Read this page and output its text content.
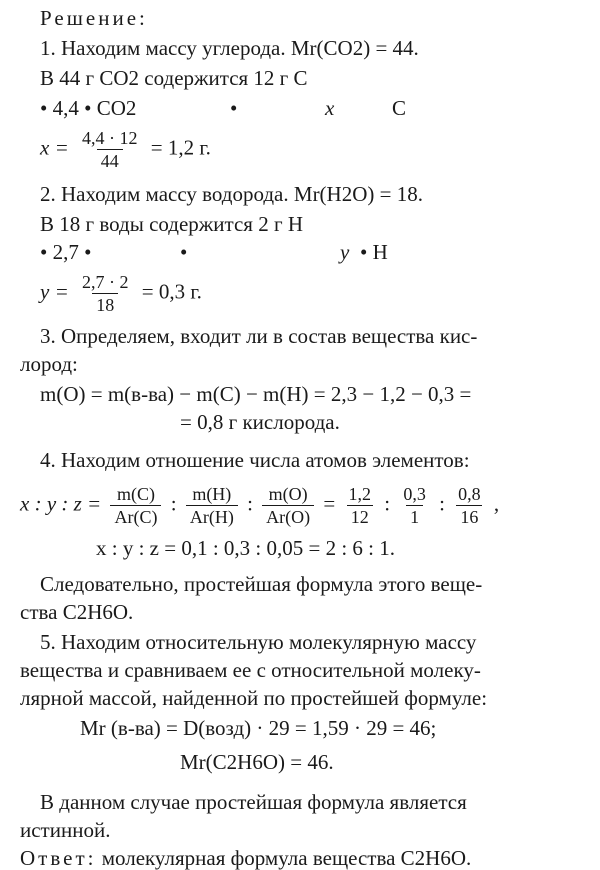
Решение:
1. Находим массу углерода. Mr(CO2) = 44.
В 44 г CO2 содержится 12 г С
• 4,4 • CO2	•	x	С
$x = \frac{4,4 \cdot 12}{44} = 1,2$ г.
2. Находим массу водорода. Mr(H2O) = 18.
В 18 г воды содержится 2 г Н
• 2,7 •	•	y • Н
$y = \frac{2,7 \cdot 2}{18} = 0,3$ г.
3. Определяем, входит ли в состав вещества кис-
лород:
m(O) = m(в-ва) − m(C) − m(H) = 2,3 − 1,2 − 0,3 =
= 0,8 г кислорода.
4. Находим отношение числа атомов элементов:
x : y : $z = \frac{m(C)}{Ar(C)}$ : $\frac{m(H)}{Ar(H)}$ : $\frac{m(O)}{Ar(O)} = \frac{1,2}{12}$ : $\frac{0,3}{1}$ : $\frac{0,8}{16}$ ,
x : y : z = 0,1 : 0,3 : 0,05 = 2 : 6 : 1.
Следовательно, простейшая формула этого веще-
ства C2H6O.
5. Находим относительную молекулярную массу
вещества и сравниваем ее с относительной молеку-
лярной массой, найденной по простейшей формуле:
Mr (в-ва) = D(возд) · 29 = 1,59 · 29 = 46;
Mr(C2H6O) = 46.
В данном случае простейшая формула является
истинной.
Ответ: молекулярная формула вещества C2H6O.
